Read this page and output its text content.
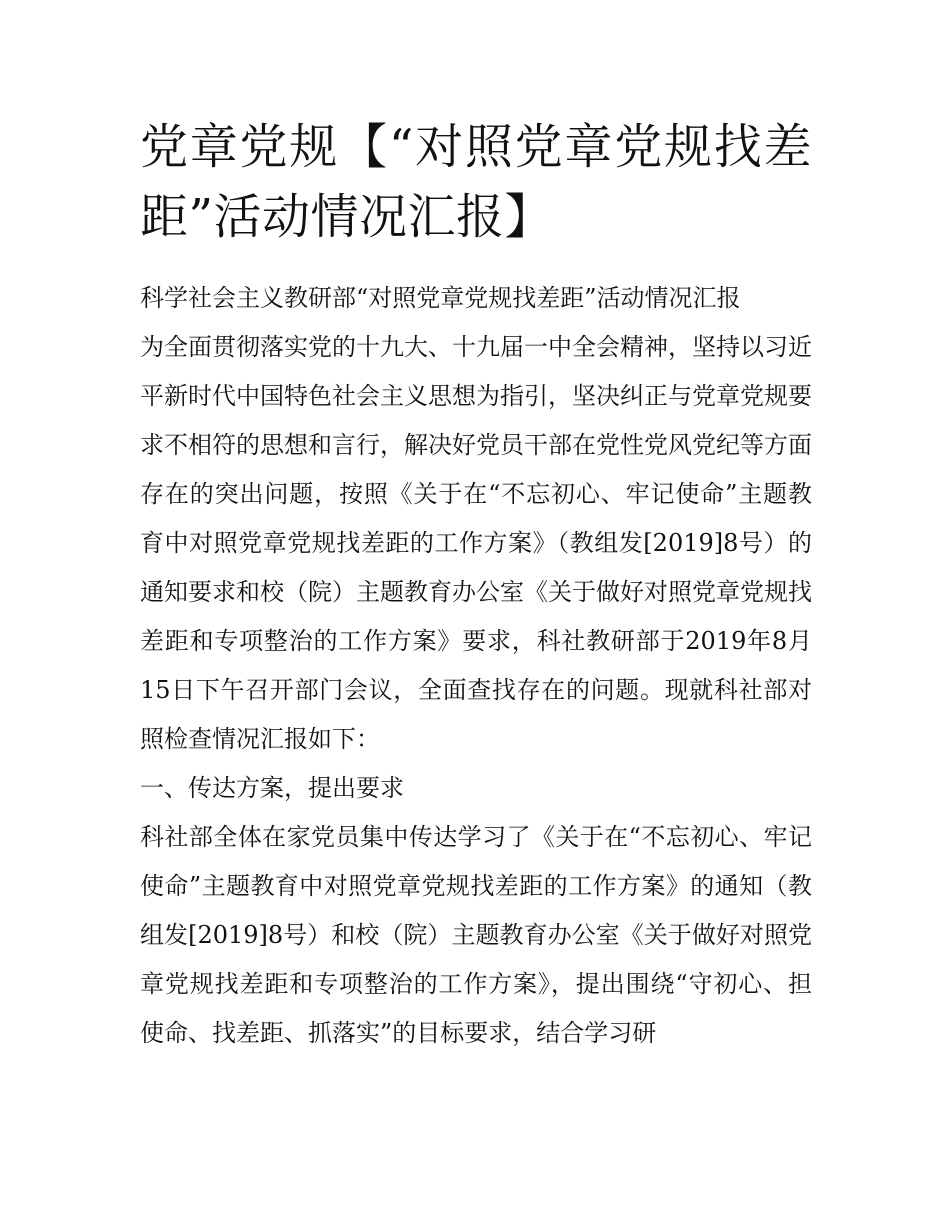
党章党规【“对照党章党规找差距”活动情况汇报】

科学社会主义教研部“对照党章党规找差距”活动情况汇报

为全面贯彻落实党的十九大、十九届一中全会精神，坚持以习近平新时代中国特色社会主义思想为指引，坚决纠正与党章党规要求不相符的思想和言行，解决好党员干部在党性党风党纪等方面存在的突出问题，按照《关于在“不忘初心、牢记使命”主题教育中对照党章党规找差距的工作方案》（教组发[2019]8号）的通知要求和校（院）主题教育办公室《关于做好对照党章党规找差距和专项整治的工作方案》要求，科社教研部于2019年8月15日下午召开部门会议，全面查找存在的问题。现就科社部对照检查情况汇报如下：

一、传达方案，提出要求

科社部全体在家党员集中传达学习了《关于在“不忘初心、牢记使命”主题教育中对照党章党规找差距的工作方案》的通知（教组发[2019]8号）和校（院）主题教育办公室《关于做好对照党章党规找差距和专项整治的工作方案》，提出围绕“守初心、担使命、找差距、抓落实”的目标要求，结合学习研
